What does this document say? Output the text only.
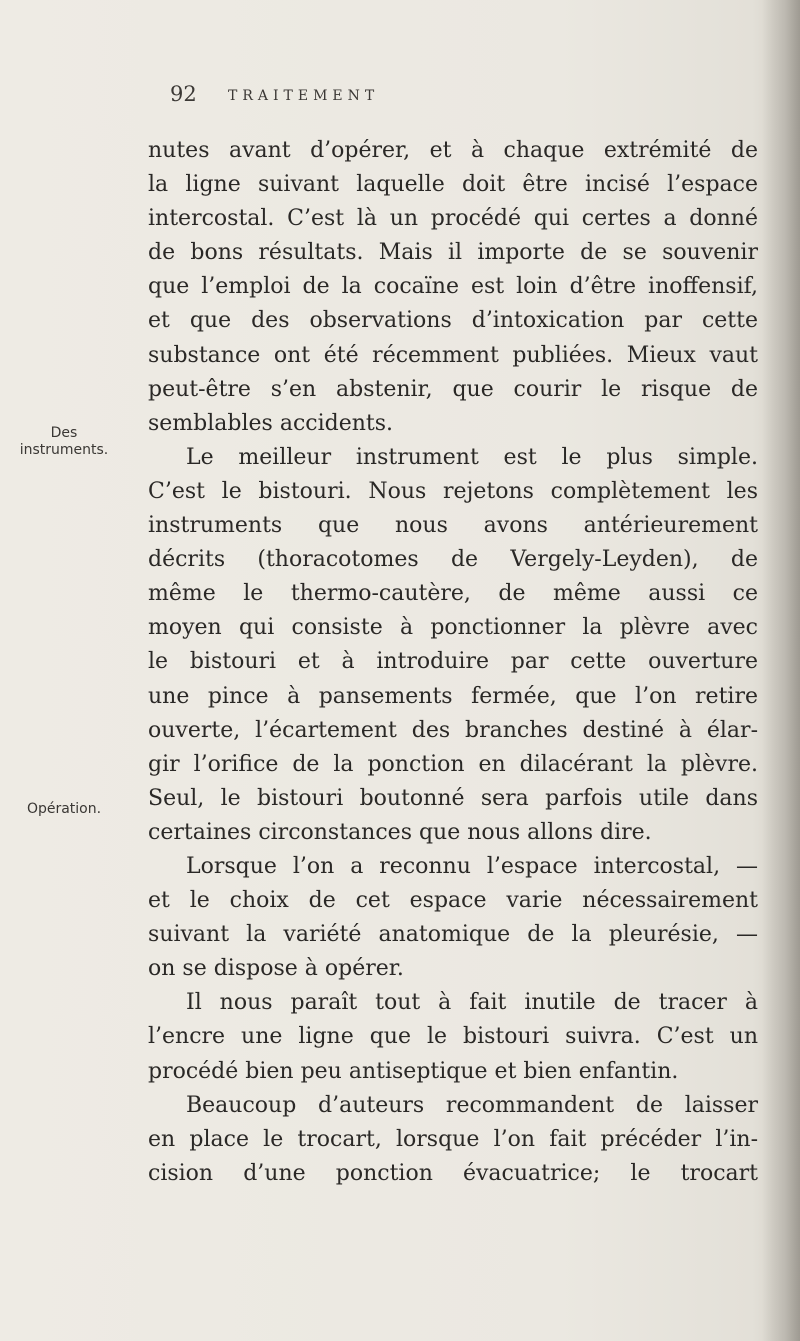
92 TRAITEMENT
Des
instruments.
Opération.
nutes avant d’opérer, et à chaque extrémité de
la ligne suivant laquelle doit être incisé l’espace
intercostal. C’est là un procédé qui certes a donné
de bons résultats. Mais il importe de se souvenir
que l’emploi de la cocaïne est loin d’être inoffensif,
et que des observations d’intoxication par cette
substance ont été récemment publiées. Mieux vaut
peut-être s’en abstenir, que courir le risque de
semblables accidents.
Le meilleur instrument est le plus simple.
C’est le bistouri. Nous rejetons complètement les
instruments que nous avons antérieurement
décrits (thoracotomes de Vergely-Leyden), de
même le thermo-cautère, de même aussi ce
moyen qui consiste à ponctionner la plèvre avec
le bistouri et à introduire par cette ouverture
une pince à pansements fermée, que l’on retire
ouverte, l’écartement des branches destiné à élar-
gir l’orifice de la ponction en dilacérant la plèvre.
Seul, le bistouri boutonné sera parfois utile dans
certaines circonstances que nous allons dire.
Lorsque l’on a reconnu l’espace intercostal, —
et le choix de cet espace varie nécessairement
suivant la variété anatomique de la pleurésie, —
on se dispose à opérer.
Il nous paraît tout à fait inutile de tracer à
l’encre une ligne que le bistouri suivra. C’est un
procédé bien peu antiseptique et bien enfantin.
Beaucoup d’auteurs recommandent de laisser
en place le trocart, lorsque l’on fait précéder l’in-
cision d’une ponction évacuatrice; le trocart
